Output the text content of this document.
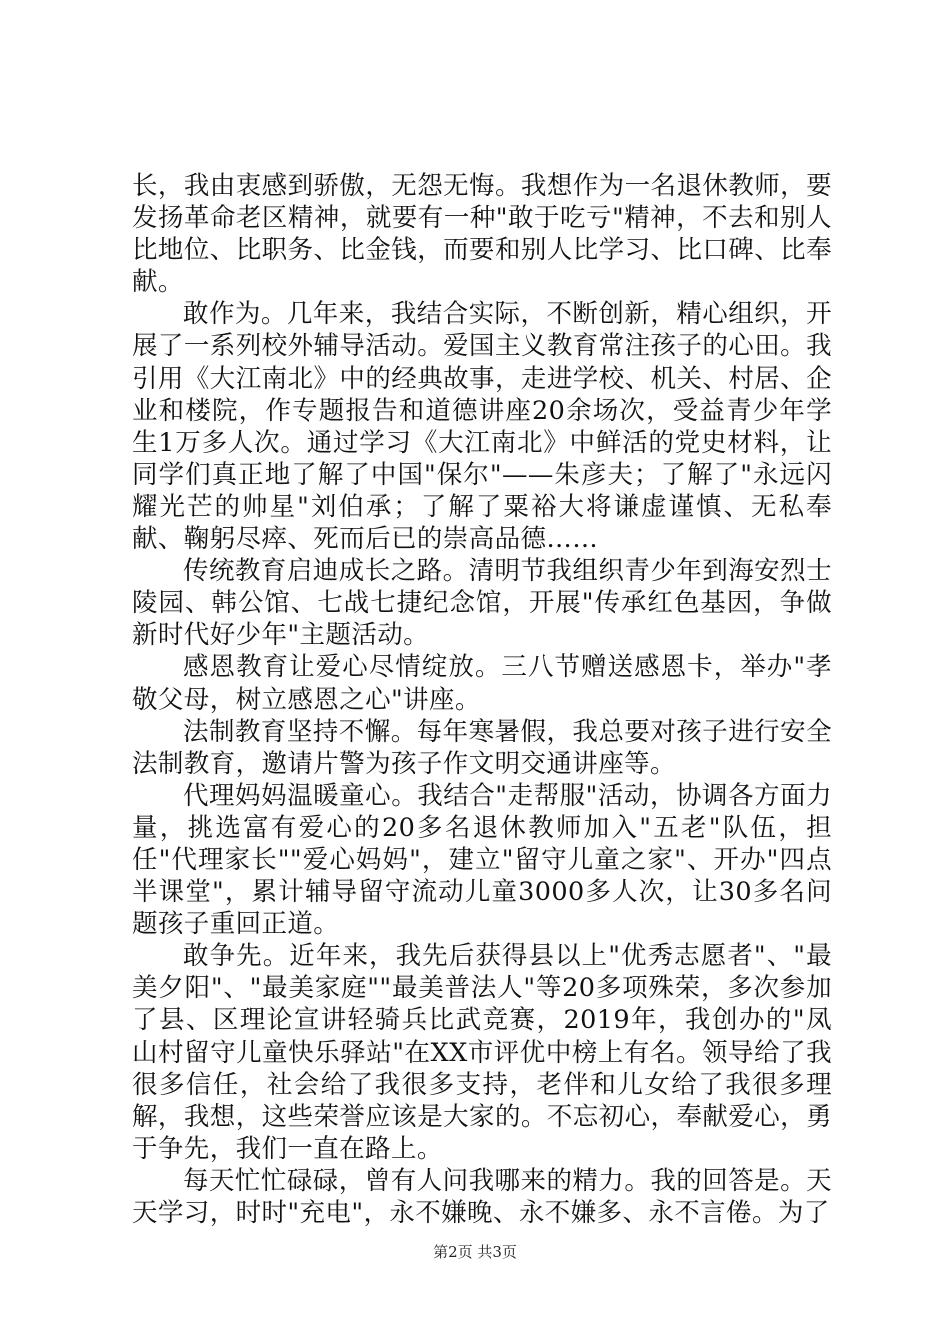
长，我由衷感到骄傲，无怨无悔。我想作为一名退休教师，要发扬革命老区精神，就要有一种"敢于吃亏"精神，不去和别人比地位、比职务、比金钱，而要和别人比学习、比口碑、比奉献。

敢作为。几年来，我结合实际，不断创新，精心组织，开展了一系列校外辅导活动。爱国主义教育常注孩子的心田。我引用《大江南北》中的经典故事，走进学校、机关、村居、企业和楼院，作专题报告和道德讲座20余场次，受益青少年学生1万多人次。通过学习《大江南北》中鲜活的党史材料，让同学们真正地了解了中国"保尔"——朱彦夫；了解了"永远闪耀光芒的帅星"刘伯承；了解了粟裕大将谦虚谨慎、无私奉献、鞠躬尽瘁、死而后已的崇高品德……

传统教育启迪成长之路。清明节我组织青少年到海安烈士陵园、韩公馆、七战七捷纪念馆，开展"传承红色基因，争做新时代好少年"主题活动。

感恩教育让爱心尽情绽放。三八节赠送感恩卡，举办"孝敬父母，树立感恩之心"讲座。

法制教育坚持不懈。每年寒暑假，我总要对孩子进行安全法制教育，邀请片警为孩子作文明交通讲座等。

代理妈妈温暖童心。我结合"走帮服"活动，协调各方面力量，挑选富有爱心的20多名退休教师加入"五老"队伍，担任"代理家长""爱心妈妈"，建立"留守儿童之家"、开办"四点半课堂"，累计辅导留守流动儿童3000多人次，让30多名问题孩子重回正道。

敢争先。近年来，我先后获得县以上"优秀志愿者"、"最美夕阳"、"最美家庭""最美普法人"等20多项殊荣，多次参加了县、区理论宣讲轻骑兵比武竞赛，2019年，我创办的"凤山村留守儿童快乐驿站"在XX市评优中榜上有名。领导给了我很多信任，社会给了我很多支持，老伴和儿女给了我很多理解，我想，这些荣誉应该是大家的。不忘初心，奉献爱心，勇于争先，我们一直在路上。

每天忙忙碌碌，曾有人问我哪来的精力。我的回答是。天天学习，时时"充电"，永不嫌晚、永不嫌多、永不言倦。为了

第2页 共3页
